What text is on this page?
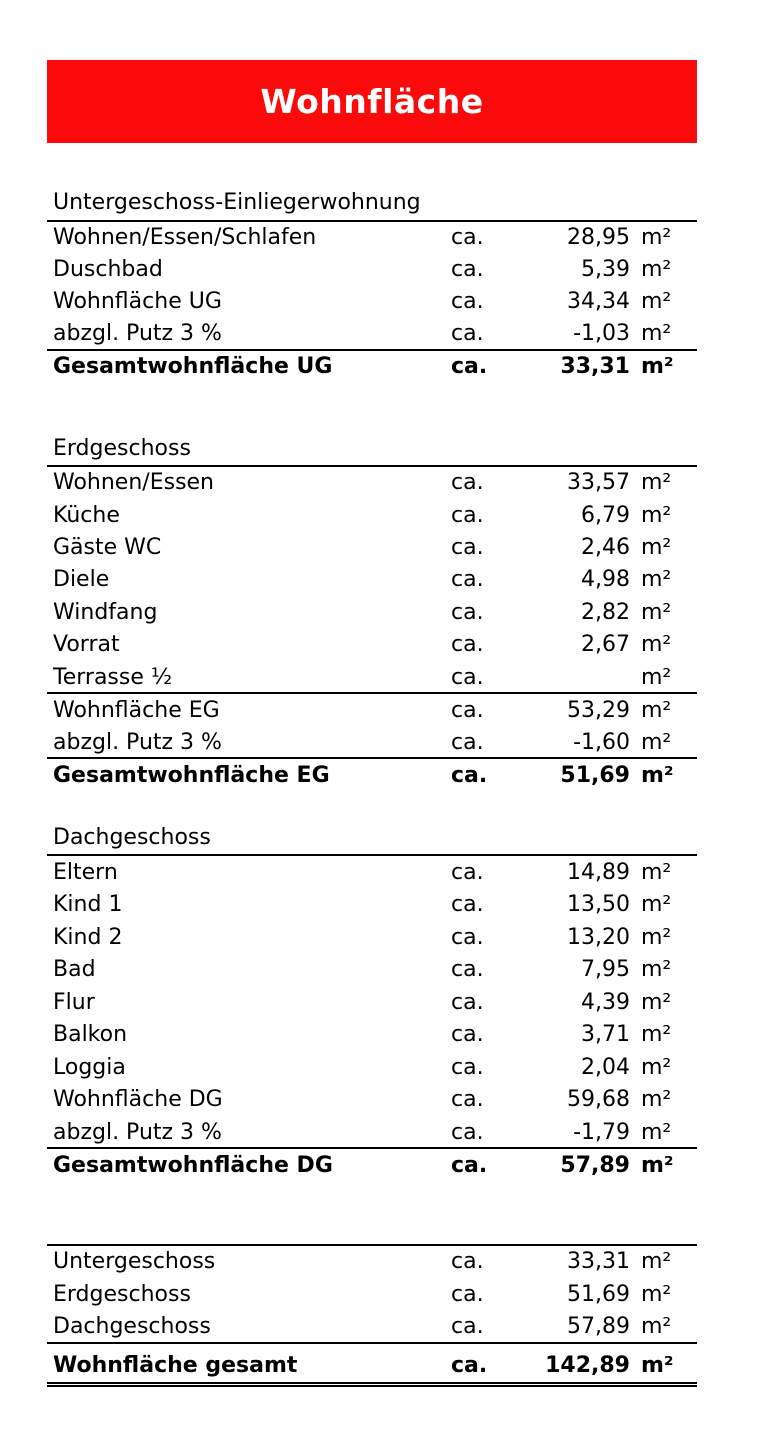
Wohnfläche
Untergeschoss-Einliegerwohnung
Wohnen/Essen/Schlafen	ca.	28,95 m²
Duschbad	ca.	5,39 m²
Wohnfläche UG	ca.	34,34 m²
abzgl. Putz 3 %	ca.	-1,03 m²
Gesamtwohnfläche UG	ca.	33,31 m²
Erdgeschoss
Wohnen/Essen	ca.	33,57 m²
Küche	ca.	6,79 m²
Gäste WC	ca.	2,46 m²
Diele	ca.	4,98 m²
Windfang	ca.	2,82 m²
Vorrat	ca.	2,67 m²
Terrasse ½	ca.	m²
Wohnfläche EG	ca.	53,29 m²
abzgl. Putz 3 %	ca.	-1,60 m²
Gesamtwohnfläche EG	ca.	51,69 m²
Dachgeschoss
Eltern	ca.	14,89 m²
Kind 1	ca.	13,50 m²
Kind 2	ca.	13,20 m²
Bad	ca.	7,95 m²
Flur	ca.	4,39 m²
Balkon	ca.	3,71 m²
Loggia	ca.	2,04 m²
Wohnfläche DG	ca.	59,68 m²
abzgl. Putz 3 %	ca.	-1,79 m²
Gesamtwohnfläche DG	ca.	57,89 m²
Untergeschoss	ca.	33,31 m²
Erdgeschoss	ca.	51,69 m²
Dachgeschoss	ca.	57,89 m²
Wohnfläche gesamt	ca.	142,89 m²
